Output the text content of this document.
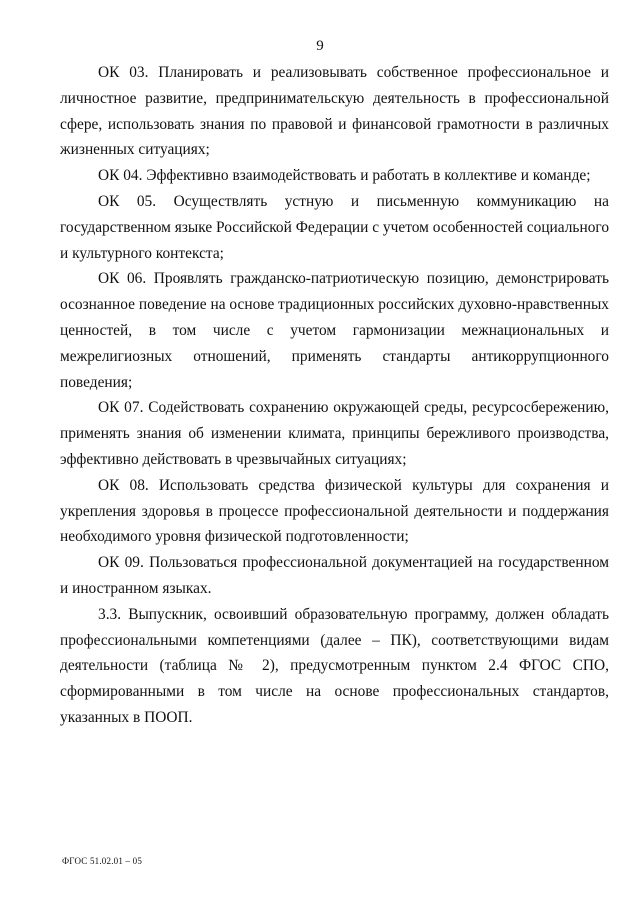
9

ОК 03. Планировать и реализовывать собственное профессиональное и личностное развитие, предпринимательскую деятельность в профессиональной сфере, использовать знания по правовой и финансовой грамотности в различных жизненных ситуациях;

ОК 04. Эффективно взаимодействовать и работать в коллективе и команде;

ОК 05. Осуществлять устную и письменную коммуникацию на государственном языке Российской Федерации с учетом особенностей социального и культурного контекста;

ОК 06. Проявлять гражданско-патриотическую позицию, демонстрировать осознанное поведение на основе традиционных российских духовно-нравственных ценностей, в том числе с учетом гармонизации межнациональных и межрелигиозных отношений, применять стандарты антикоррупционного поведения;

ОК 07. Содействовать сохранению окружающей среды, ресурсосбережению, применять знания об изменении климата, принципы бережливого производства, эффективно действовать в чрезвычайных ситуациях;

ОК 08. Использовать средства физической культуры для сохранения и укрепления здоровья в процессе профессиональной деятельности и поддержания необходимого уровня физической подготовленности;

ОК 09. Пользоваться профессиональной документацией на государственном и иностранном языках.

3.3. Выпускник, освоивший образовательную программу, должен обладать профессиональными компетенциями (далее – ПК), соответствующими видам деятельности (таблица № 2), предусмотренным пунктом 2.4 ФГОС СПО, сформированными в том числе на основе профессиональных стандартов, указанных в ПООП.

ФГОС 51.02.01 – 05
